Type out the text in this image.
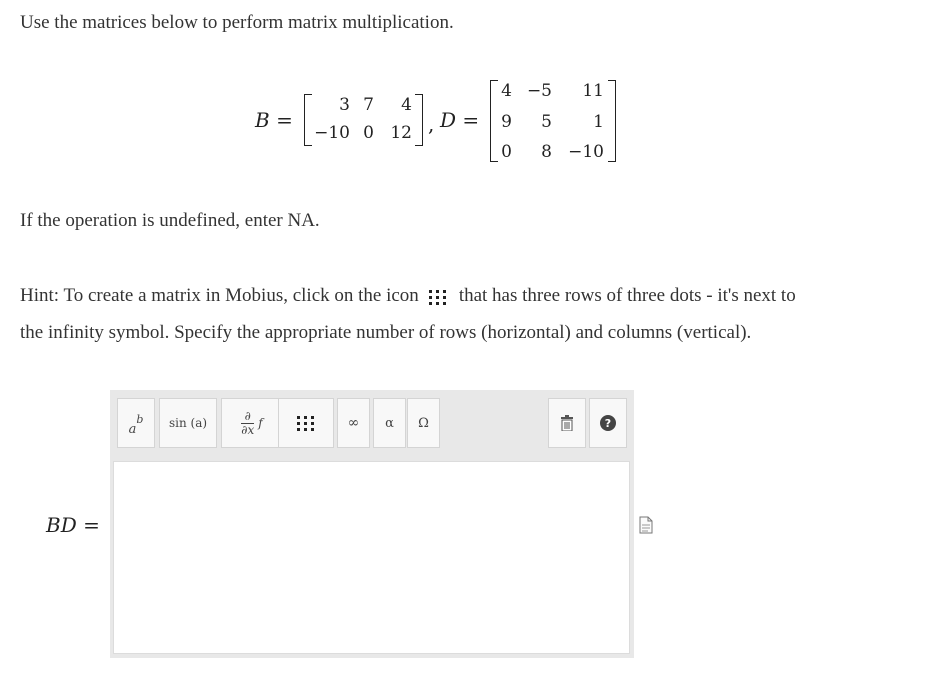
Use the matrices below to perform matrix multiplication.
B =
3 7	4
−10 0 12 , D =
4 −5	11
9	5	1
0	8 −10
If the operation is undefined, enter NA.
Hint: To create a matrix in Mobius, click on the icon that has three rows of three dots - it's next to
the infinity symbol. Specify the appropriate number of rows (horizontal) and columns (vertical).
$a^b$ sin (a)
∂
∂x f	∞ α Ω	?
BD =
